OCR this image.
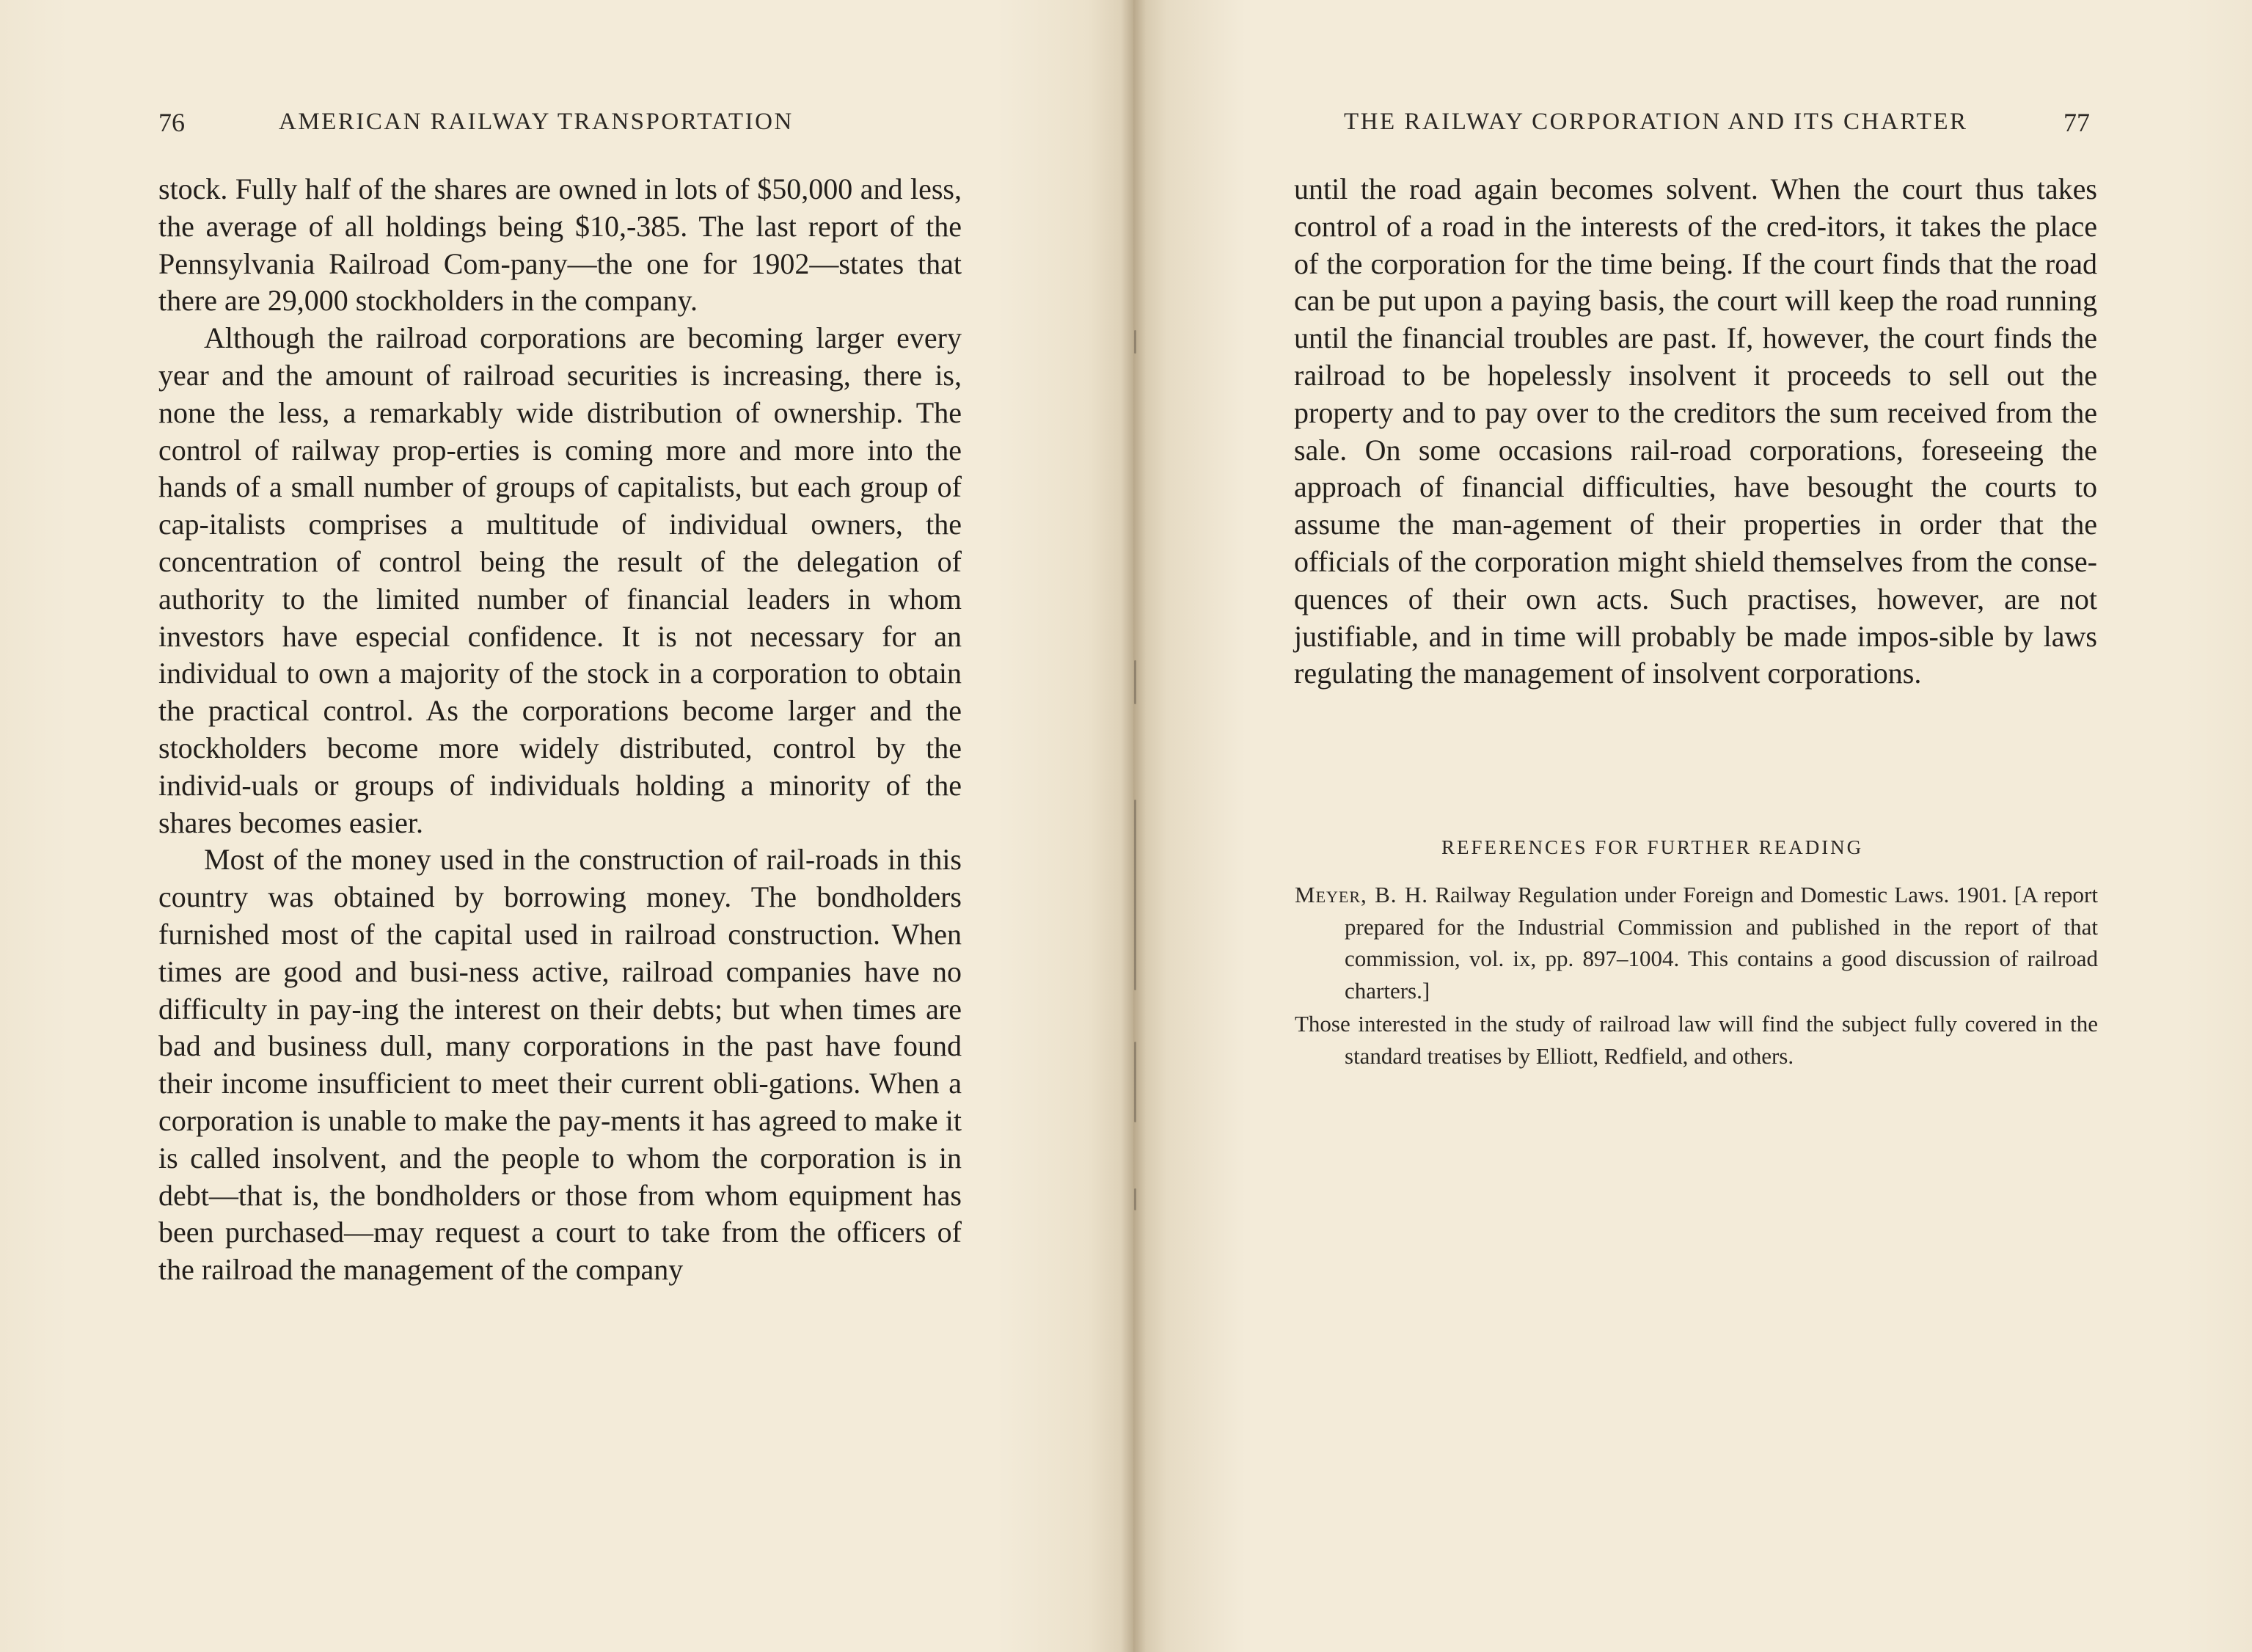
76	AMERICAN RAILWAY TRANSPORTATION

stock. Fully half of the shares are owned in lots of $50,000 and less, the average of all holdings being $10,-385. The last report of the Pennsylvania Railroad Com-pany—the one for 1902—states that there are 29,000 stockholders in the company.

Although the railroad corporations are becoming larger every year and the amount of railroad securities is increasing, there is, none the less, a remarkably wide distribution of ownership. The control of railway prop-erties is coming more and more into the hands of a small number of groups of capitalists, but each group of cap-italists comprises a multitude of individual owners, the concentration of control being the result of the delegation of authority to the limited number of financial leaders in whom investors have especial confidence. It is not necessary for an individual to own a majority of the stock in a corporation to obtain the practical control. As the corporations become larger and the stockholders become more widely distributed, control by the individ-uals or groups of individuals holding a minority of the shares becomes easier.

Most of the money used in the construction of rail-roads in this country was obtained by borrowing money. The bondholders furnished most of the capital used in railroad construction. When times are good and busi-ness active, railroad companies have no difficulty in pay-ing the interest on their debts; but when times are bad and business dull, many corporations in the past have found their income insufficient to meet their current obli-gations. When a corporation is unable to make the pay-ments it has agreed to make it is called insolvent, and the people to whom the corporation is in debt—that is, the bondholders or those from whom equipment has been purchased—may request a court to take from the officers of the railroad the management of the company

THE RAILWAY CORPORATION AND ITS CHARTER	77

until the road again becomes solvent. When the court thus takes control of a road in the interests of the cred-itors, it takes the place of the corporation for the time being. If the court finds that the road can be put upon a paying basis, the court will keep the road running until the financial troubles are past. If, however, the court finds the railroad to be hopelessly insolvent it proceeds to sell out the property and to pay over to the creditors the sum received from the sale. On some occasions rail-road corporations, foreseeing the approach of financial difficulties, have besought the courts to assume the man-agement of their properties in order that the officials of the corporation might shield themselves from the conse-quences of their own acts. Such practises, however, are not justifiable, and in time will probably be made impos-sible by laws regulating the management of insolvent corporations.

REFERENCES FOR FURTHER READING

Meyer, B. H. Railway Regulation under Foreign and Domestic Laws. 1901. [A report prepared for the Industrial Commission and published in the report of that commission, vol. ix, pp. 897–1004. This contains a good discussion of railroad charters.]

Those interested in the study of railroad law will find the subject fully covered in the standard treatises by Elliott, Redfield, and others.
